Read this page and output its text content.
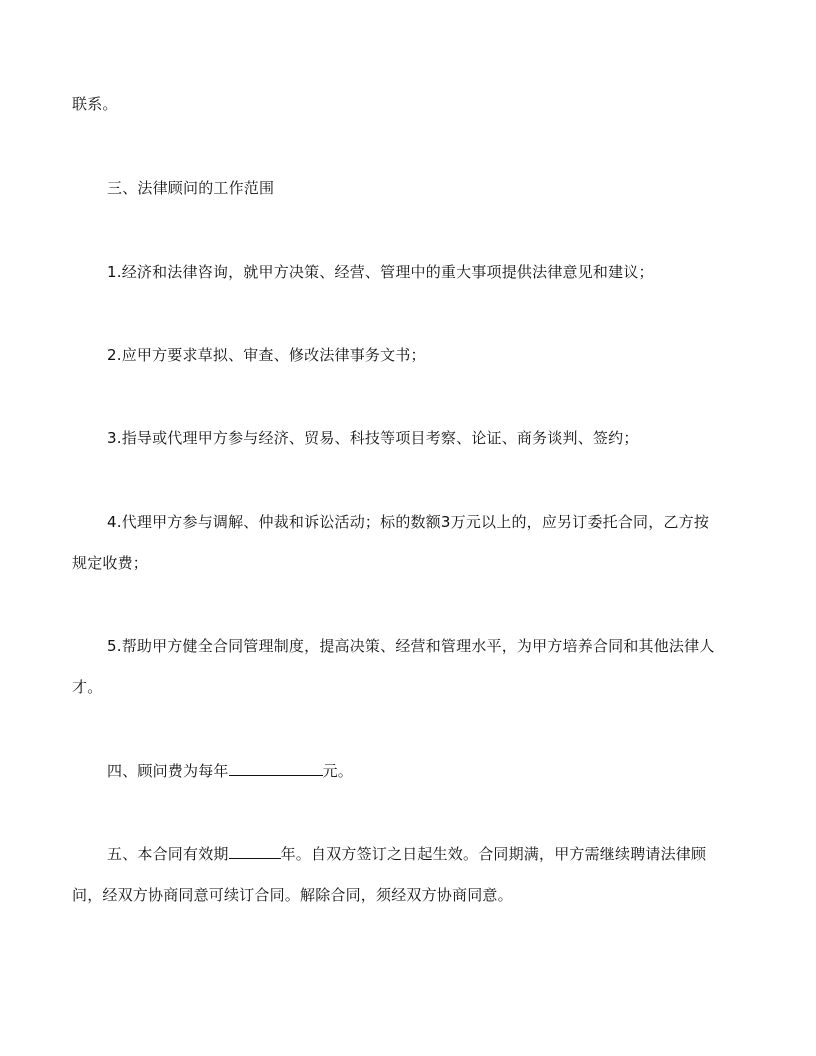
联系。
三、法律顾问的工作范围
1.经济和法律咨询，就甲方决策、经营、管理中的重大事项提供法律意见和建议；
2.应甲方要求草拟、审查、修改法律事务文书；
3.指导或代理甲方参与经济、贸易、科技等项目考察、论证、商务谈判、签约；
4.代理甲方参与调解、仲裁和诉讼活动；标的数额3万元以上的，应另订委托合同，乙方按
规定收费；
5.帮助甲方健全合同管理制度，提高决策、经营和管理水平，为甲方培养合同和其他法律人
才。
四、顾问费为每年	元。
五、本合同有效期	年。自双方签订之日起生效。合同期满，甲方需继续聘请法律顾
问，经双方协商同意可续订合同。解除合同，须经双方协商同意。
